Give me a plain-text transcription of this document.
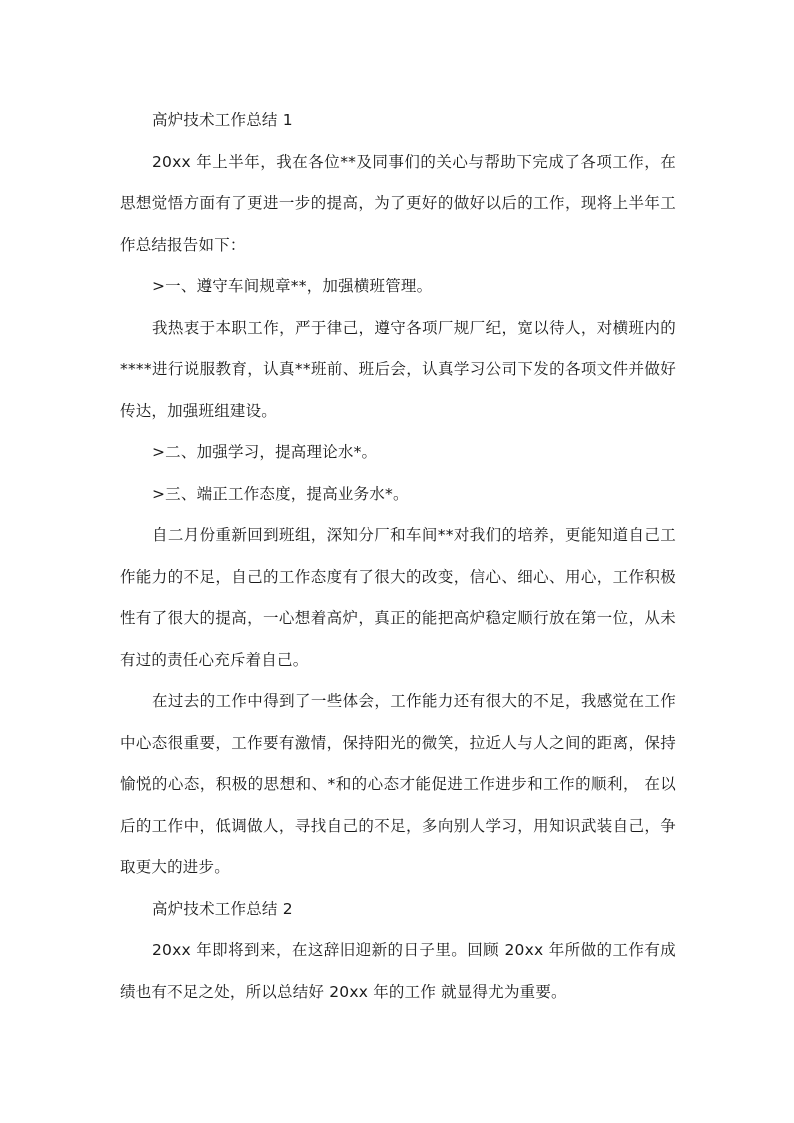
高炉技术工作总结 1

20xx 年上半年，我在各位**及同事们的关心与帮助下完成了各项工作，在思想觉悟方面有了更进一步的提高，为了更好的做好以后的工作，现将上半年工作总结报告如下：

>一、遵守车间规章**，加强横班管理。

我热衷于本职工作，严于律己，遵守各项厂规厂纪，宽以待人，对横班内的****进行说服教育，认真**班前、班后会，认真学习公司下发的各项文件并做好传达，加强班组建设。

>二、加强学习，提高理论水*。

>三、端正工作态度，提高业务水*。

自二月份重新回到班组，深知分厂和车间**对我们的培养，更能知道自己工作能力的不足，自己的工作态度有了很大的改变，信心、细心、用心，工作积极性有了很大的提高，一心想着高炉，真正的能把高炉稳定顺行放在第一位，从未有过的责任心充斥着自己。

在过去的工作中得到了一些体会，工作能力还有很大的不足，我感觉在工作中心态很重要，工作要有激情，保持阳光的微笑，拉近人与人之间的距离，保持愉悦的心态，积极的思想和、*和的心态才能促进工作进步和工作的顺利， 在以后的工作中，低调做人，寻找自己的不足，多向别人学习，用知识武装自己，争取更大的进步。

高炉技术工作总结 2

20xx 年即将到来，在这辞旧迎新的日子里。回顾 20xx 年所做的工作有成绩也有不足之处，所以总结好 20xx 年的工作 就显得尤为重要。
